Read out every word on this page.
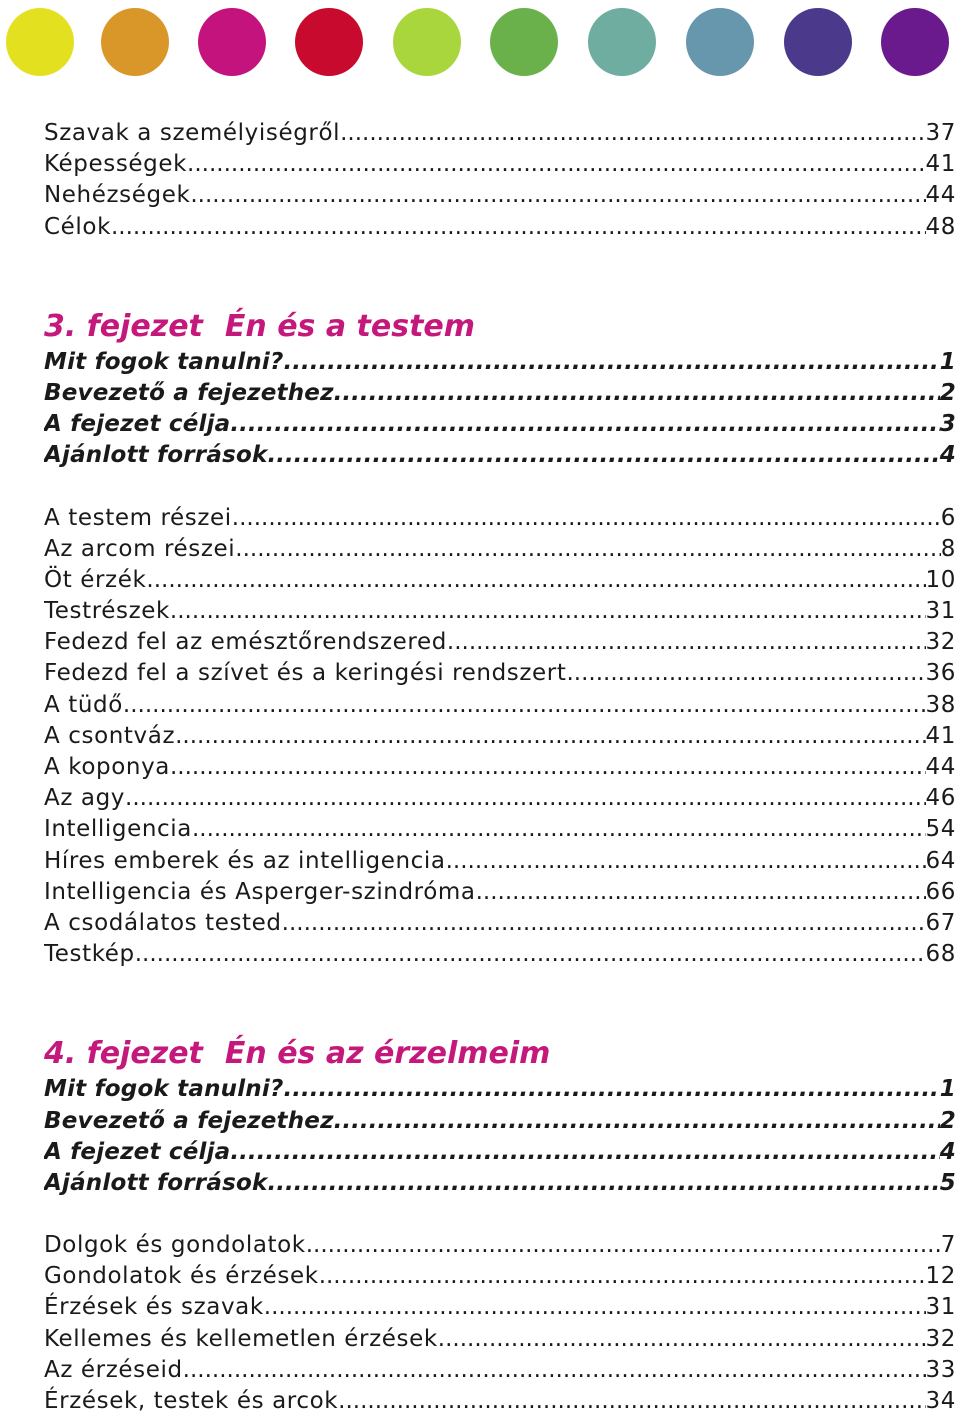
Szavak a személyiségről .....	37
Képességek .....	41
Nehézségek .....	44
Célok .....	48
3. fejezet Én és a testem
Mit fogok tanulni? .....	1
Bevezető a fejezethez .....	2
A fejezet célja .....	3
Ajánlott források .....	4
A testem részei .....	6
Az arcom részei .....	8
Öt érzék .....	10
Testrészek .....	31
Fedezd fel az emésztőrendszered .....	32
Fedezd fel a szívet és a keringési rendszert .....	36
A tüdő .....	38
A csontváz .....	41
A koponya .....	44
Az agy .....	46
Intelligencia .....	54
Híres emberek és az intelligencia .....	64
Intelligencia és Asperger-szindróma .....	66
A csodálatos tested .....	67
Testkép .....	68
4. fejezet Én és az érzelmeim
Mit fogok tanulni? .....	1
Bevezető a fejezethez .....	2
A fejezet célja .....	4
Ajánlott források .....	5
Dolgok és gondolatok .....	7
Gondolatok és érzések .....	12
Érzések és szavak .....	31
Kellemes és kellemetlen érzések .....	32
Az érzéseid .....	33
Érzések, testek és arcok .....	34
